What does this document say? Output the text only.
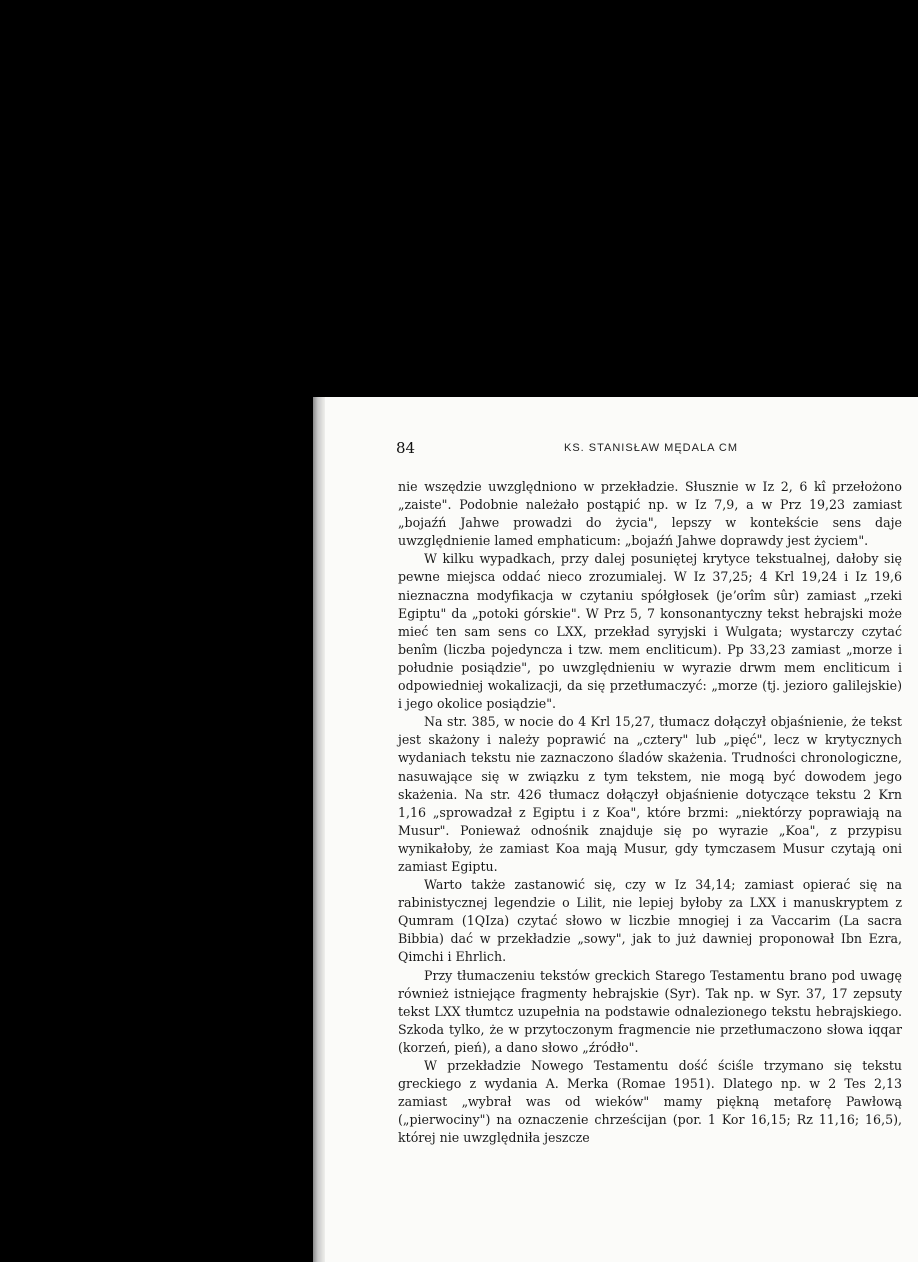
84	KS. STANISŁAW MĘDALA CM

nie wszędzie uwzględniono w przekładzie. Słusznie w Iz 2, 6 kî przełożono „zaiste". Podobnie należało postąpić np. w Iz 7,9, a w Prz 19,23 zamiast „bojaźń Jahwe prowadzi do życia", lepszy w kontekście sens daje uwzględnienie lamed emphaticum: „bojaźń Jahwe doprawdy jest życiem".

W kilku wypadkach, przy dalej posuniętej krytyce tekstualnej, dałoby się pewne miejsca oddać nieco zrozumialej. W Iz 37,25; 4 Krl 19,24 i Iz 19,6 nieznaczna modyfikacja w czytaniu spółgłosek (jeʼorîm sûr) zamiast „rzeki Egiptu" da „potoki górskie". W Prz 5, 7 konsonantyczny tekst hebrajski może mieć ten sam sens co LXX, przekład syryjski i Wulgata; wystarczy czytać benîm (liczba pojedyncza i tzw. mem encliticum). Pp 33,23 zamiast „morze i południe posiądzie", po uwzględnieniu w wyrazie drwm mem encliticum i odpowiedniej wokalizacji, da się przetłumaczyć: „morze (tj. jezioro galilejskie) i jego okolice posiądzie".

Na str. 385, w nocie do 4 Krl 15,27, tłumacz dołączył objaśnienie, że tekst jest skażony i należy poprawić na „cztery" lub „pięć", lecz w krytycznych wydaniach tekstu nie zaznaczono śladów skażenia. Trudności chronologiczne, nasuwające się w związku z tym tekstem, nie mogą być dowodem jego skażenia. Na str. 426 tłumacz dołączył objaśnienie dotyczące tekstu 2 Krn 1,16 „sprowadzał z Egiptu i z Koa", które brzmi: „niektórzy poprawiają na Musur". Ponieważ odnośnik znajduje się po wyrazie „Koa", z przypisu wynikałoby, że zamiast Koa mają Musur, gdy tymczasem Musur czytają oni zamiast Egiptu.

Warto także zastanowić się, czy w Iz 34,14; zamiast opierać się na rabinistycznej legendzie o Lilit, nie lepiej byłoby za LXX i manuskryptem z Qumram (1QIza) czytać słowo w liczbie mnogiej i za Vaccarim (La sacra Bibbia) dać w przekładzie „sowy", jak to już dawniej proponował Ibn Ezra, Qimchi i Ehrlich.

Przy tłumaczeniu tekstów greckich Starego Testamentu brano pod uwagę również istniejące fragmenty hebrajskie (Syr). Tak np. w Syr. 37, 17 zepsuty tekst LXX tłumtcz uzupełnia na podstawie odnalezionego tekstu hebrajskiego. Szkoda tylko, że w przytoczonym fragmencie nie przetłumaczono słowa iqqar (korzeń, pień), a dano słowo „źródło".

W przekładzie Nowego Testamentu dość ściśle trzymano się tekstu greckiego z wydania A. Merka (Romae 1951). Dlatego np. w 2 Tes 2,13 zamiast „wybrał was od wieków" mamy piękną metaforę Pawłową („pierwociny") na oznaczenie chrześcijan (por. 1 Kor 16,15; Rz 11,16; 16,5), której nie uwzględniła jeszcze
